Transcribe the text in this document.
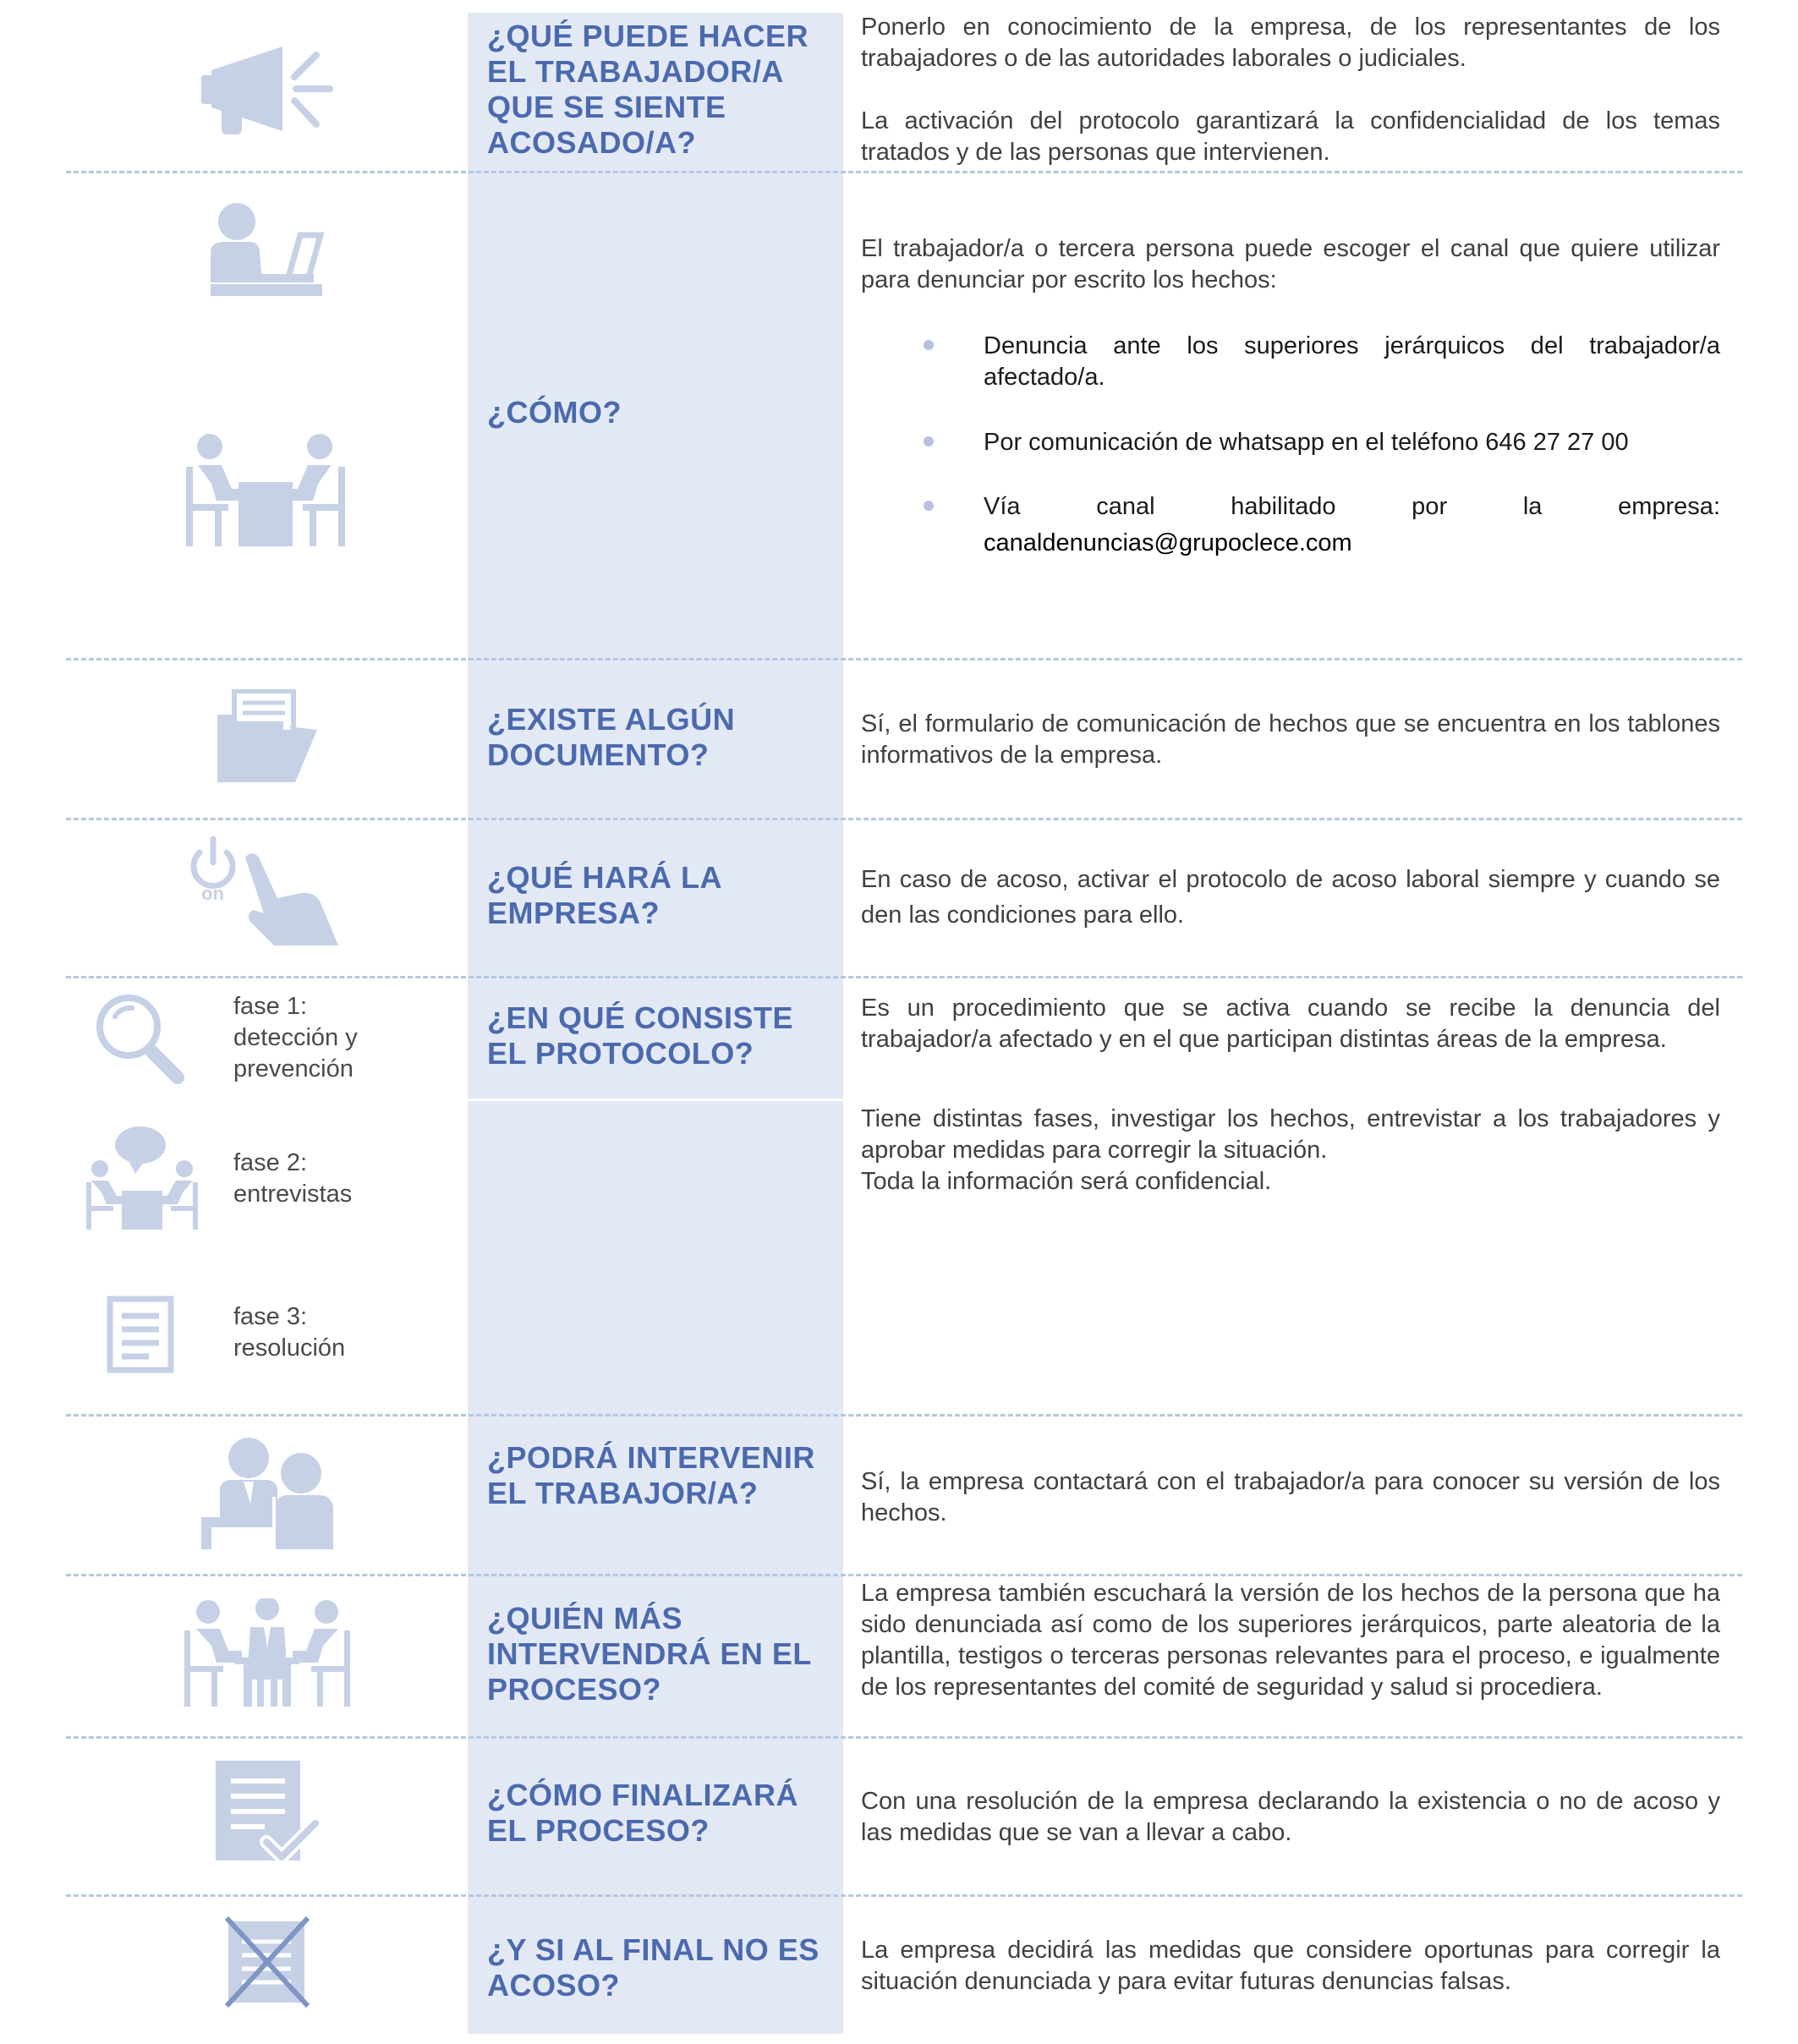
¿QUÉ PUEDE HACER EL TRABAJADOR/A QUE SE SIENTE ACOSADO/A?

Ponerlo en conocimiento de la empresa, de los representantes de los trabajadores o de las autoridades laborales o judiciales.

La activación del protocolo garantizará la confidencialidad de los temas tratados y de las personas que intervienen.

¿CÓMO?

El trabajador/a o tercera persona puede escoger el canal que quiere utilizar para denunciar por escrito los hechos:

Denuncia ante los superiores jerárquicos del trabajador/a afectado/a.
Por comunicación de whatsapp en el teléfono 646 27 27 00
Vía canal habilitado por la empresa:
canaldenuncias@grupoclece.com
¿EXISTE ALGÚN DOCUMENTO?

Sí, el formulario de comunicación de hechos que se encuentra en los tablones informativos de la empresa.

on	¿QUÉ HARÁ LA EMPRESA?

En caso de acoso, activar el protocolo de acoso laboral siempre y cuando se den las condiciones para ello.

fase 1: detección y prevención
fase 2: entrevistas
fase 3: resolución
¿EN QUÉ CONSISTE EL PROTOCOLO?

Es un procedimiento que se activa cuando se recibe la denuncia del trabajador/a afectado y en el que participan distintas áreas de la empresa.

Tiene distintas fases, investigar los hechos, entrevistar a los trabajadores y aprobar medidas para corregir la situación.

Toda la información será confidencial.

¿PODRÁ INTERVENIR EL TRABAJOR/A?	Sí, la empresa contactará con el trabajador/a para conocer su versión de los hechos.

¿QUIÉN MÁS INTERVENDRÁ EN EL PROCESO?

La empresa también escuchará la versión de los hechos de la persona que ha sido denunciada así como de los superiores jerárquicos, parte aleatoria de la plantilla, testigos o terceras personas relevantes para el proceso, e igualmente de los representantes del comité de seguridad y salud si procediera.

¿CÓMO FINALIZARÁ EL PROCESO?

Con una resolución de la empresa declarando la existencia o no de acoso y las medidas que se van a llevar a cabo.

¿Y SI AL FINAL NO ES ACOSO?

La empresa decidirá las medidas que considere oportunas para corregir la situación denunciada y para evitar futuras denuncias falsas.
